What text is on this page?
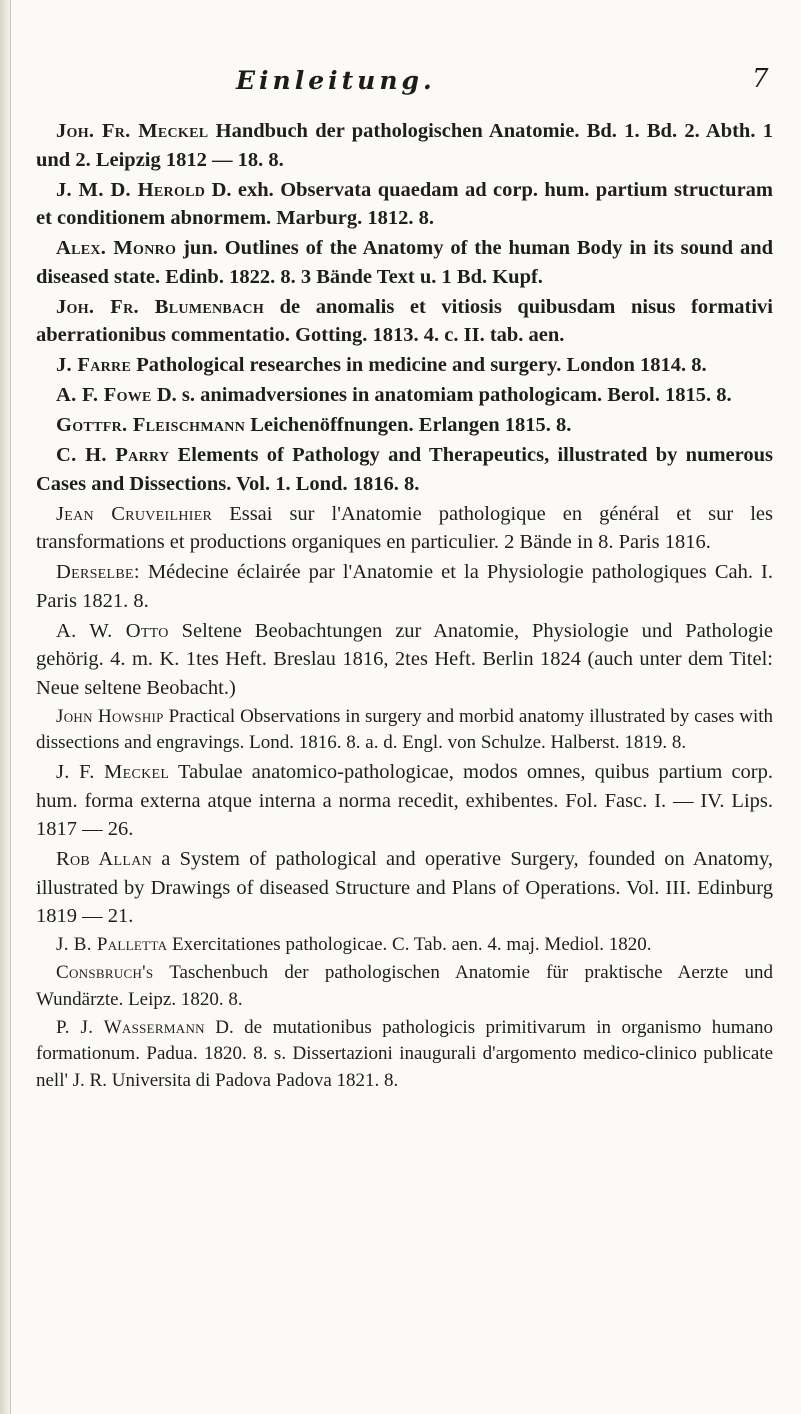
Einleitung.	7

Joh. Fr. Meckel Handbuch der pathologischen Anatomie. Bd. 1. Bd. 2. Abth. 1 und 2. Leipzig 1812 — 18. 8.

J. M. D. Herold D. exh. Observata quaedam ad corp. hum. partium structuram et conditionem abnormem. Marburg. 1812. 8.

Alex. Monro jun. Outlines of the Anatomy of the human Body in its sound and diseased state. Edinb. 1822. 8. 3 Bände Text u. 1 Bd. Kupf.

Joh. Fr. Blumenbach de anomalis et vitiosis quibusdam nisus formativi aberrationibus commentatio. Gotting. 1813. 4. c. II. tab. aen.

J. Farre Pathological researches in medicine and surgery. London 1814. 8.

A. F. Fowe D. s. animadversiones in anatomiam pathologicam. Berol. 1815. 8.

Gottfr. Fleischmann Leichenöffnungen. Erlangen 1815. 8.

C. H. Parry Elements of Pathology and Therapeutics, illustrated by numerous Cases and Dissections. Vol. 1. Lond. 1816. 8.

Jean Cruveilhier Essai sur l'Anatomie pathologique en général et sur les transformations et productions organiques en particulier. 2 Bände in 8. Paris 1816.

Derselbe: Médecine éclairée par l'Anatomie et la Physiologie pathologiques Cah. I. Paris 1821. 8.

A. W. Otto Seltene Beobachtungen zur Anatomie, Physiologie und Pathologie gehörig. 4. m. K. 1tes Heft. Breslau 1816, 2tes Heft. Berlin 1824 (auch unter dem Titel: Neue seltene Beobacht.)

John Howship Practical Observations in surgery and morbid anatomy illustrated by cases with dissections and engravings. Lond. 1816. 8. a. d. Engl. von Schulze. Halberst. 1819. 8.

J. F. Meckel Tabulae anatomico-pathologicae, modos omnes, quibus partium corp. hum. forma externa atque interna a norma recedit, exhibentes. Fol. Fasc. I. — IV. Lips. 1817 — 26.

Rob Allan a System of pathological and operative Surgery, founded on Anatomy, illustrated by Drawings of diseased Structure and Plans of Operations. Vol. III. Edinburg 1819 — 21.

J. B. Palletta Exercitationes pathologicae. C. Tab. aen. 4. maj. Mediol. 1820.

Consbruch's Taschenbuch der pathologischen Anatomie für praktische Aerzte und Wundärzte. Leipz. 1820. 8.

P. J. Wassermann D. de mutationibus pathologicis primitivarum in organismo humano formationum. Padua. 1820. 8. s. Dissertazioni inaugurali d'argomento medico-clinico publicate nell' J. R. Universita di Padova Padova 1821. 8.
